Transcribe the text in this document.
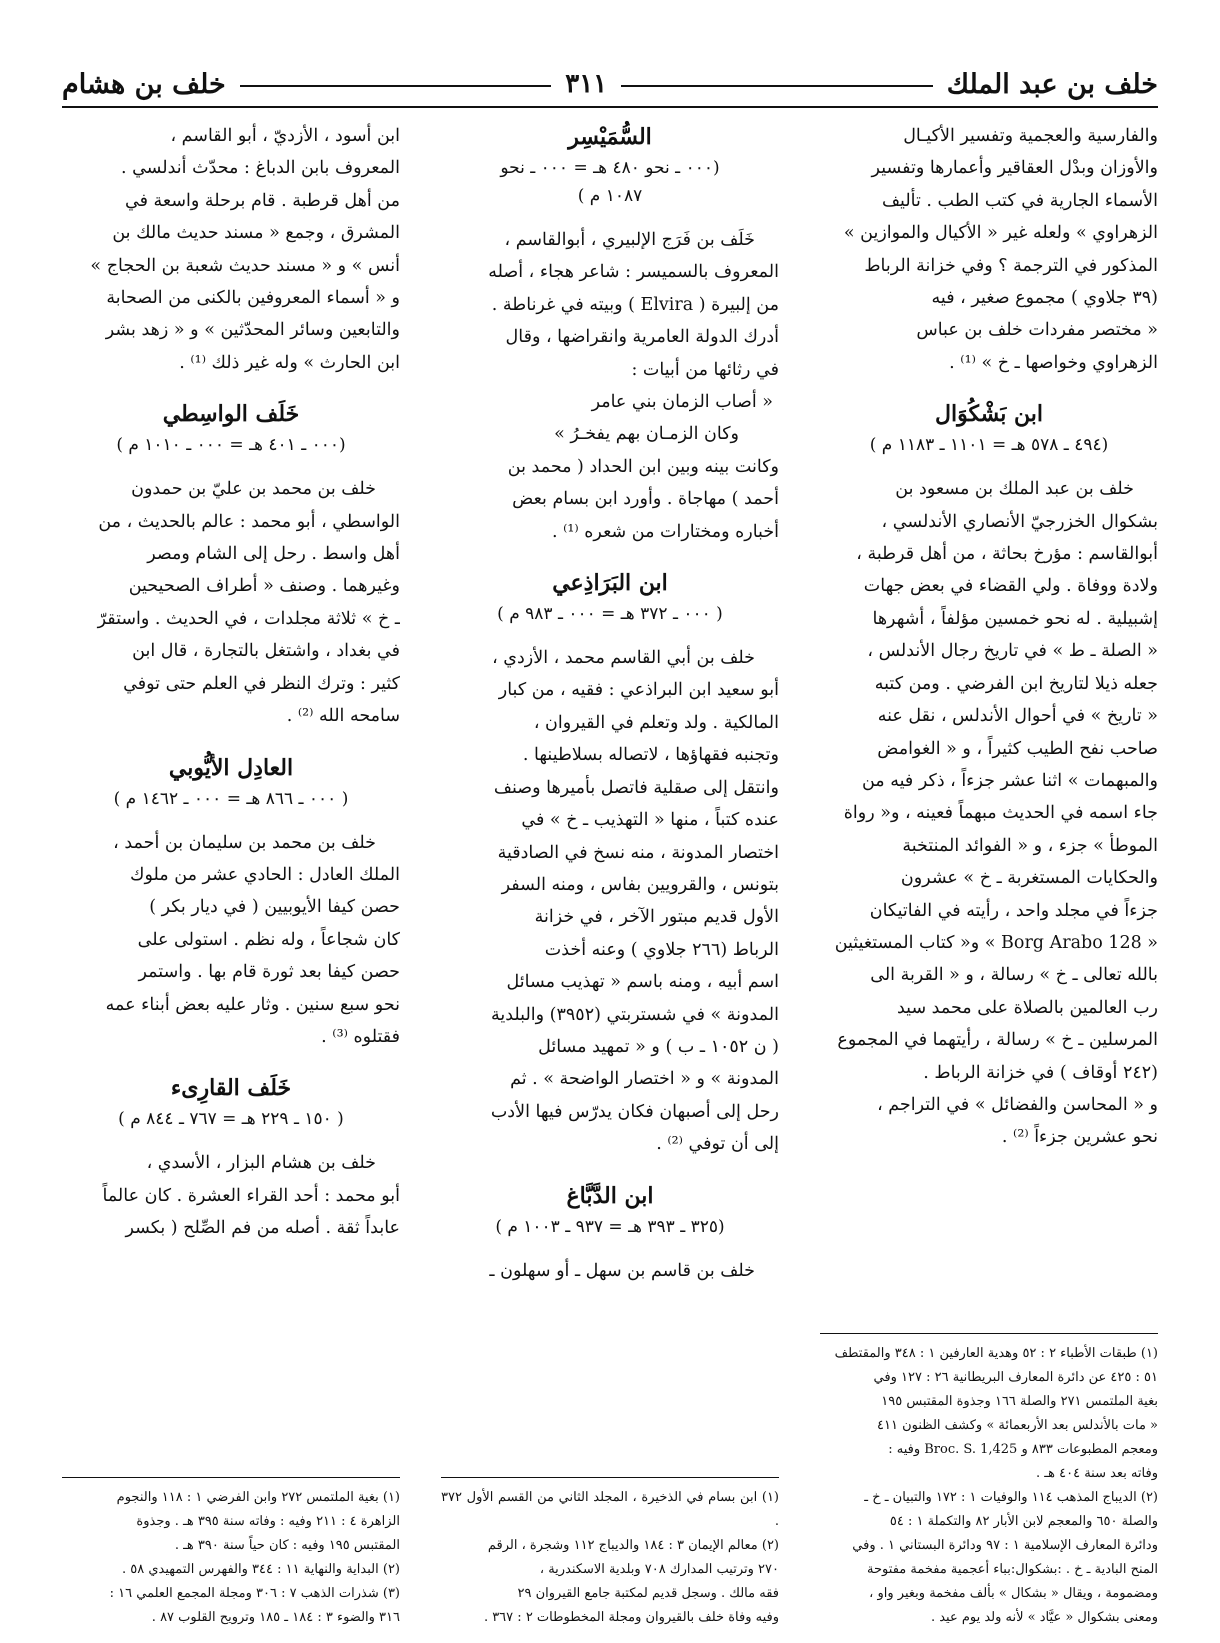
خلف بن عبد الملك
٣١١
خلف بن هشام

والفارسية والعجمية وتفسير الأكيـال

والأوزان وبدْل العقاقير وأعمارها وتفسير

الأسماء الجارية في كتب الطب . تأليف

الزهراوي » ولعله غير « الأكيال والموازين »

المذكور في الترجمة ؟ وفي خزانة الرباط

(٣٩ جلاوي ) مجموع صغير ، فيه

« مختصر مفردات خلف بن عباس

الزهراوي وخواصها ـ خ » ⁽¹⁾ .

ابن بَشْكُوَال
(٤٩٤ ـ ٥٧٨ هـ = ١١٠١ ـ ١١٨٣ م )

خلف بن عبد الملك بن مسعود بن

بشكوال الخزرجيّ الأنصاري الأندلسي ،

أبوالقاسم : مؤرخ بحاثة ، من أهل قرطبة ،

ولادة ووفاة . ولي القضاء في بعض جهات

إشبيلية . له نحو خمسين مؤلفاً ، أشهرها

« الصلة ـ ط » في تاريخ رجال الأندلس ،

جعله ذيلا لتاريخ ابن الفرضي . ومن كتبه

« تاريخ » في أحوال الأندلس ، نقل عنه

صاحب نفح الطيب كثيراً ، و « الغوامض

والمبهمات » اثنا عشر جزءاً ، ذكر فيه من

جاء اسمه في الحديث مبهماً فعينه ، و« رواة

الموطأ » جزء ، و « الفوائد المنتخبة

والحكايات المستغربة ـ خ » عشرون

جزءاً في مجلد واحد ، رأيته في الفاتيكان

« Borg Arabo 128 » و« كتاب المستغيثين

بالله تعالى ـ خ » رسالة ، و « القربة الى

رب العالمين بالصلاة على محمد سيد

المرسلين ـ خ » رسالة ، رأيتهما في المجموع

(٢٤٢ أوقاف ) في خزانة الرباط .

و « المحاسن والفضائل » في التراجم ،

نحو عشرين جزءاً ⁽²⁾ .

(١) طبقات الأطباء ٢ : ٥٢ وهدية العارفين ١ : ٣٤٨ والمقتطف

٥١ : ٤٢٥ عن دائرة المعارف البريطانية ٢٦ : ١٢٧ وفي

بغية الملتمس ٢٧١ والصلة ١٦٦ وجذوة المقتبس ١٩٥

« مات بالأندلس بعد الأربعمائة » وكشف الظنون ٤١١

ومعجم المطبوعات ٨٣٣ و Broc. S. 1,425 وفيه :

وفاته بعد سنة ٤٠٤ هـ .

(٢) الديباج المذهب ١١٤ والوفيات ١ : ١٧٢ والتبيان ـ خ ـ

والصلة ٦٥٠ والمعجم لابن الأبار ٨٢ والتكملة ١ : ٥٤

ودائرة المعارف الإسلامية ١ : ٩٧ ودائرة البستاني ١ . وفي

المنح البادية ـ خ . :بشكوال:بباء أعجمية مفخمة مفتوحة

ومضمومة ، ويقال « بشكال » بألف مفخمة وبغير واو ،

ومعنى بشكوال « عيَّاد » لأنه ولد يوم عيد .

السُّمَيْسِر
(٠٠٠ ـ نحو ٤٨٠ هـ = ٠٠٠ ـ نحو
١٠٨٧ م )

خَلَف بن فَرَج الإلبيري ، أبوالقاسم ،

المعروف بالسميسر : شاعر هجاء ، أصله

من إلبيرة ( Elvira ) وبيته في غرناطة .

أدرك الدولة العامرية وانقراضها ، وقال

في رثائها من أبيات :

« أصاب الزمان بني عامر

وكان الزمـان بهم يفخـرُ »

وكانت بينه وبين ابن الحداد ( محمد بن

أحمد ) مهاجاة . وأورد ابن بسام بعض

أخباره ومختارات من شعره ⁽¹⁾ .

ابن البَرَاذِعي
( ٠٠٠ ـ ٣٧٢ هـ = ٠٠٠ ـ ٩٨٣ م )

خلف بن أبي القاسم محمد ، الأزدي ،

أبو سعيد ابن البراذعي : فقيه ، من كبار

المالكية . ولد وتعلم في القيروان ،

وتجنبه فقهاؤها ، لاتصاله بسلاطينها .

وانتقل إلى صقلية فاتصل بأميرها وصنف

عنده كتباً ، منها « التهذيب ـ خ » في

اختصار المدونة ، منه نسخ في الصادقية

بتونس ، والقرويين بفاس ، ومنه السفر

الأول قديم مبتور الآخر ، في خزانة

الرباط (٢٦٦ جلاوي ) وعنه أخذت

اسم أبيه ، ومنه باسم « تهذيب مسائل

المدونة » في شستربتي (٣٩٥٢) والبلدية

( ن ١٠٥٢ ـ ب ) و « تمهيد مسائل

المدونة » و « اختصار الواضحة » . ثم

رحل إلى أصبهان فكان يدرّس فيها الأدب

إلى أن توفي ⁽²⁾ .

ابن الدَّبَّاغ
(٣٢٥ ـ ٣٩٣ هـ = ٩٣٧ ـ ١٠٠٣ م )

خلف بن قاسم بن سهل ـ أو سهلون ـ

(١) ابن بسام في الذخيرة ، المجلد الثاني من القسم الأول ٣٧٢ .

(٢) معالم الإيمان ٣ : ١٨٤ والديباج ١١٢ وشجرة ، الرقم

٢٧٠ وترتيب المدارك ٧٠٨ وبلدية الاسكندرية ،

فقه مالك . وسجل قديم لمكتبة جامع القيروان ٢٩

وفيه وفاة خلف بالقيروان ومجلة المخطوطات ٢ : ٣٦٧ .

ابن أسود ، الأزديّ ، أبو القاسم ،

المعروف بابن الدباغ : محدّث أندلسي .

من أهل قرطبة . قام برحلة واسعة في

المشرق ، وجمع « مسند حديث مالك بن

أنس » و « مسند حديث شعبة بن الحجاج »

و « أسماء المعروفين بالكنى من الصحابة

والتابعين وسائر المحدّثين » و « زهد بشر

ابن الحارث » وله غير ذلك ⁽¹⁾ .

خَلَف الواسِطي
(٠٠٠ ـ ٤٠١ هـ = ٠٠٠ ـ ١٠١٠ م )

خلف بن محمد بن عليّ بن حمدون

الواسطي ، أبو محمد : عالم بالحديث ، من

أهل واسط . رحل إلى الشام ومصر

وغيرهما . وصنف « أطراف الصحيحين

ـ خ » ثلاثة مجلدات ، في الحديث . واستقرّ

في بغداد ، واشتغل بالتجارة ، قال ابن

كثير : وترك النظر في العلم حتى توفي

سامحه الله ⁽²⁾ .

العادِل الأيُّوبي
( ٠٠٠ ـ ٨٦٦ هـ = ٠٠٠ ـ ١٤٦٢ م )

خلف بن محمد بن سليمان بن أحمد ،

الملك العادل : الحادي عشر من ملوك

حصن كيفا الأيوبيين ( في ديار بكر )

كان شجاعاً ، وله نظم . استولى على

حصن كيفا بعد ثورة قام بها . واستمر

نحو سبع سنين . وثار عليه بعض أبناء عمه

فقتلوه ⁽³⁾ .

خَلَف القارِىء
( ١٥٠ ـ ٢٢٩ هـ = ٧٦٧ ـ ٨٤٤ م )

خلف بن هشام البزار ، الأسدي ،

أبو محمد : أحد القراء العشرة . كان عالماً

عابداً ثقة . أصله من فم الصِّلح ( بكسر

(١) بغية الملتمس ٢٧٢ وابن الفرضي ١ : ١١٨ والنجوم

الزاهرة ٤ : ٢١١ وفيه : وفاته سنة ٣٩٥ هـ . وجذوة

المقتبس ١٩٥ وفيه : كان حياً سنة ٣٩٠ هـ .

(٢) البداية والنهاية ١١ : ٣٤٤ والفهرس التمهيدي ٥٨ .

(٣) شذرات الذهب ٧ : ٣٠٦ ومجلة المجمع العلمي ١٦ :

٣١٦ والضوء ٣ : ١٨٤ ـ ١٨٥ وترويح القلوب ٨٧ .
